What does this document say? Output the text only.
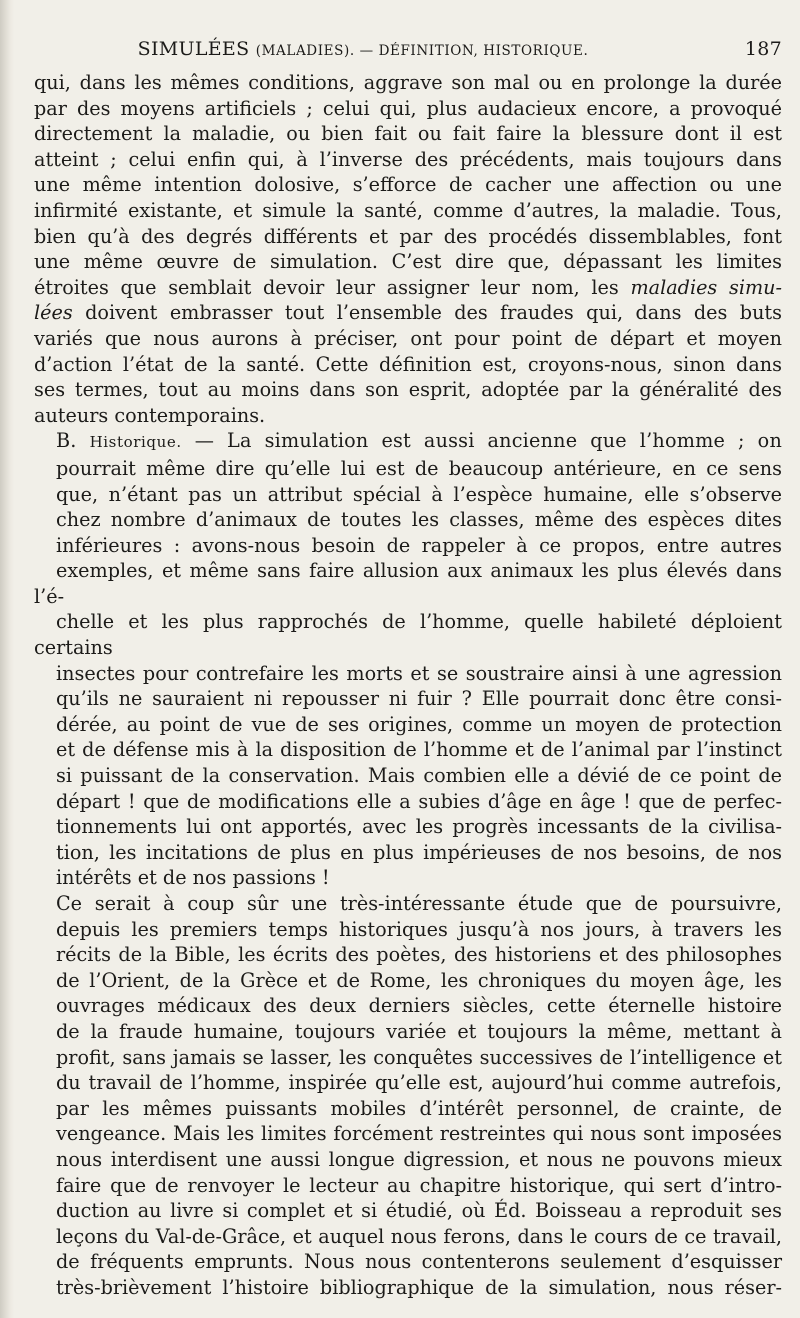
SIMULÉES (MALADIES). — DÉFINITION, HISTORIQUE.	187

qui, dans les mêmes conditions, aggrave son mal ou en prolonge la durée
par des moyens artificiels ; celui qui, plus audacieux encore, a provoqué
directement la maladie, ou bien fait ou fait faire la blessure dont il est
atteint ; celui enfin qui, à l’inverse des précédents, mais toujours dans
une même intention dolosive, s’efforce de cacher une affection ou une
infirmité existante, et simule la santé, comme d’autres, la maladie. Tous,
bien qu’à des degrés différents et par des procédés dissemblables, font
une même œuvre de simulation. C’est dire que, dépassant les limites
étroites que semblait devoir leur assigner leur nom, les maladies simu-
lées doivent embrasser tout l’ensemble des fraudes qui, dans des buts
variés que nous aurons à préciser, ont pour point de départ et moyen
d’action l’état de la santé. Cette définition est, croyons-nous, sinon dans
ses termes, tout au moins dans son esprit, adoptée par la généralité des
auteurs contemporains.

B. Historique. — La simulation est aussi ancienne que l’homme ; on
pourrait même dire qu’elle lui est de beaucoup antérieure, en ce sens
que, n’étant pas un attribut spécial à l’espèce humaine, elle s’observe
chez nombre d’animaux de toutes les classes, même des espèces dites
inférieures : avons-nous besoin de rappeler à ce propos, entre autres
exemples, et même sans faire allusion aux animaux les plus élevés dans l’é-
chelle et les plus rapprochés de l’homme, quelle habileté déploient certains
insectes pour contrefaire les morts et se soustraire ainsi à une agression
qu’ils ne sauraient ni repousser ni fuir ? Elle pourrait donc être consi-
dérée, au point de vue de ses origines, comme un moyen de protection
et de défense mis à la disposition de l’homme et de l’animal par l’instinct
si puissant de la conservation. Mais combien elle a dévié de ce point de
départ ! que de modifications elle a subies d’âge en âge ! que de perfec-
tionnements lui ont apportés, avec les progrès incessants de la civilisa-
tion, les incitations de plus en plus impérieuses de nos besoins, de nos
intérêts et de nos passions !

Ce serait à coup sûr une très-intéressante étude que de poursuivre,
depuis les premiers temps historiques jusqu’à nos jours, à travers les
récits de la Bible, les écrits des poètes, des historiens et des philosophes
de l’Orient, de la Grèce et de Rome, les chroniques du moyen âge, les
ouvrages médicaux des deux derniers siècles, cette éternelle histoire
de la fraude humaine, toujours variée et toujours la même, mettant à
profit, sans jamais se lasser, les conquêtes successives de l’intelligence et
du travail de l’homme, inspirée qu’elle est, aujourd’hui comme autrefois,
par les mêmes puissants mobiles d’intérêt personnel, de crainte, de
vengeance. Mais les limites forcément restreintes qui nous sont imposées
nous interdisent une aussi longue digression, et nous ne pouvons mieux
faire que de renvoyer le lecteur au chapitre historique, qui sert d’intro-
duction au livre si complet et si étudié, où Éd. Boisseau a reproduit ses
leçons du Val-de-Grâce, et auquel nous ferons, dans le cours de ce travail,
de fréquents emprunts. Nous nous contenterons seulement d’esquisser
très-brièvement l’histoire bibliographique de la simulation, nous réser-
